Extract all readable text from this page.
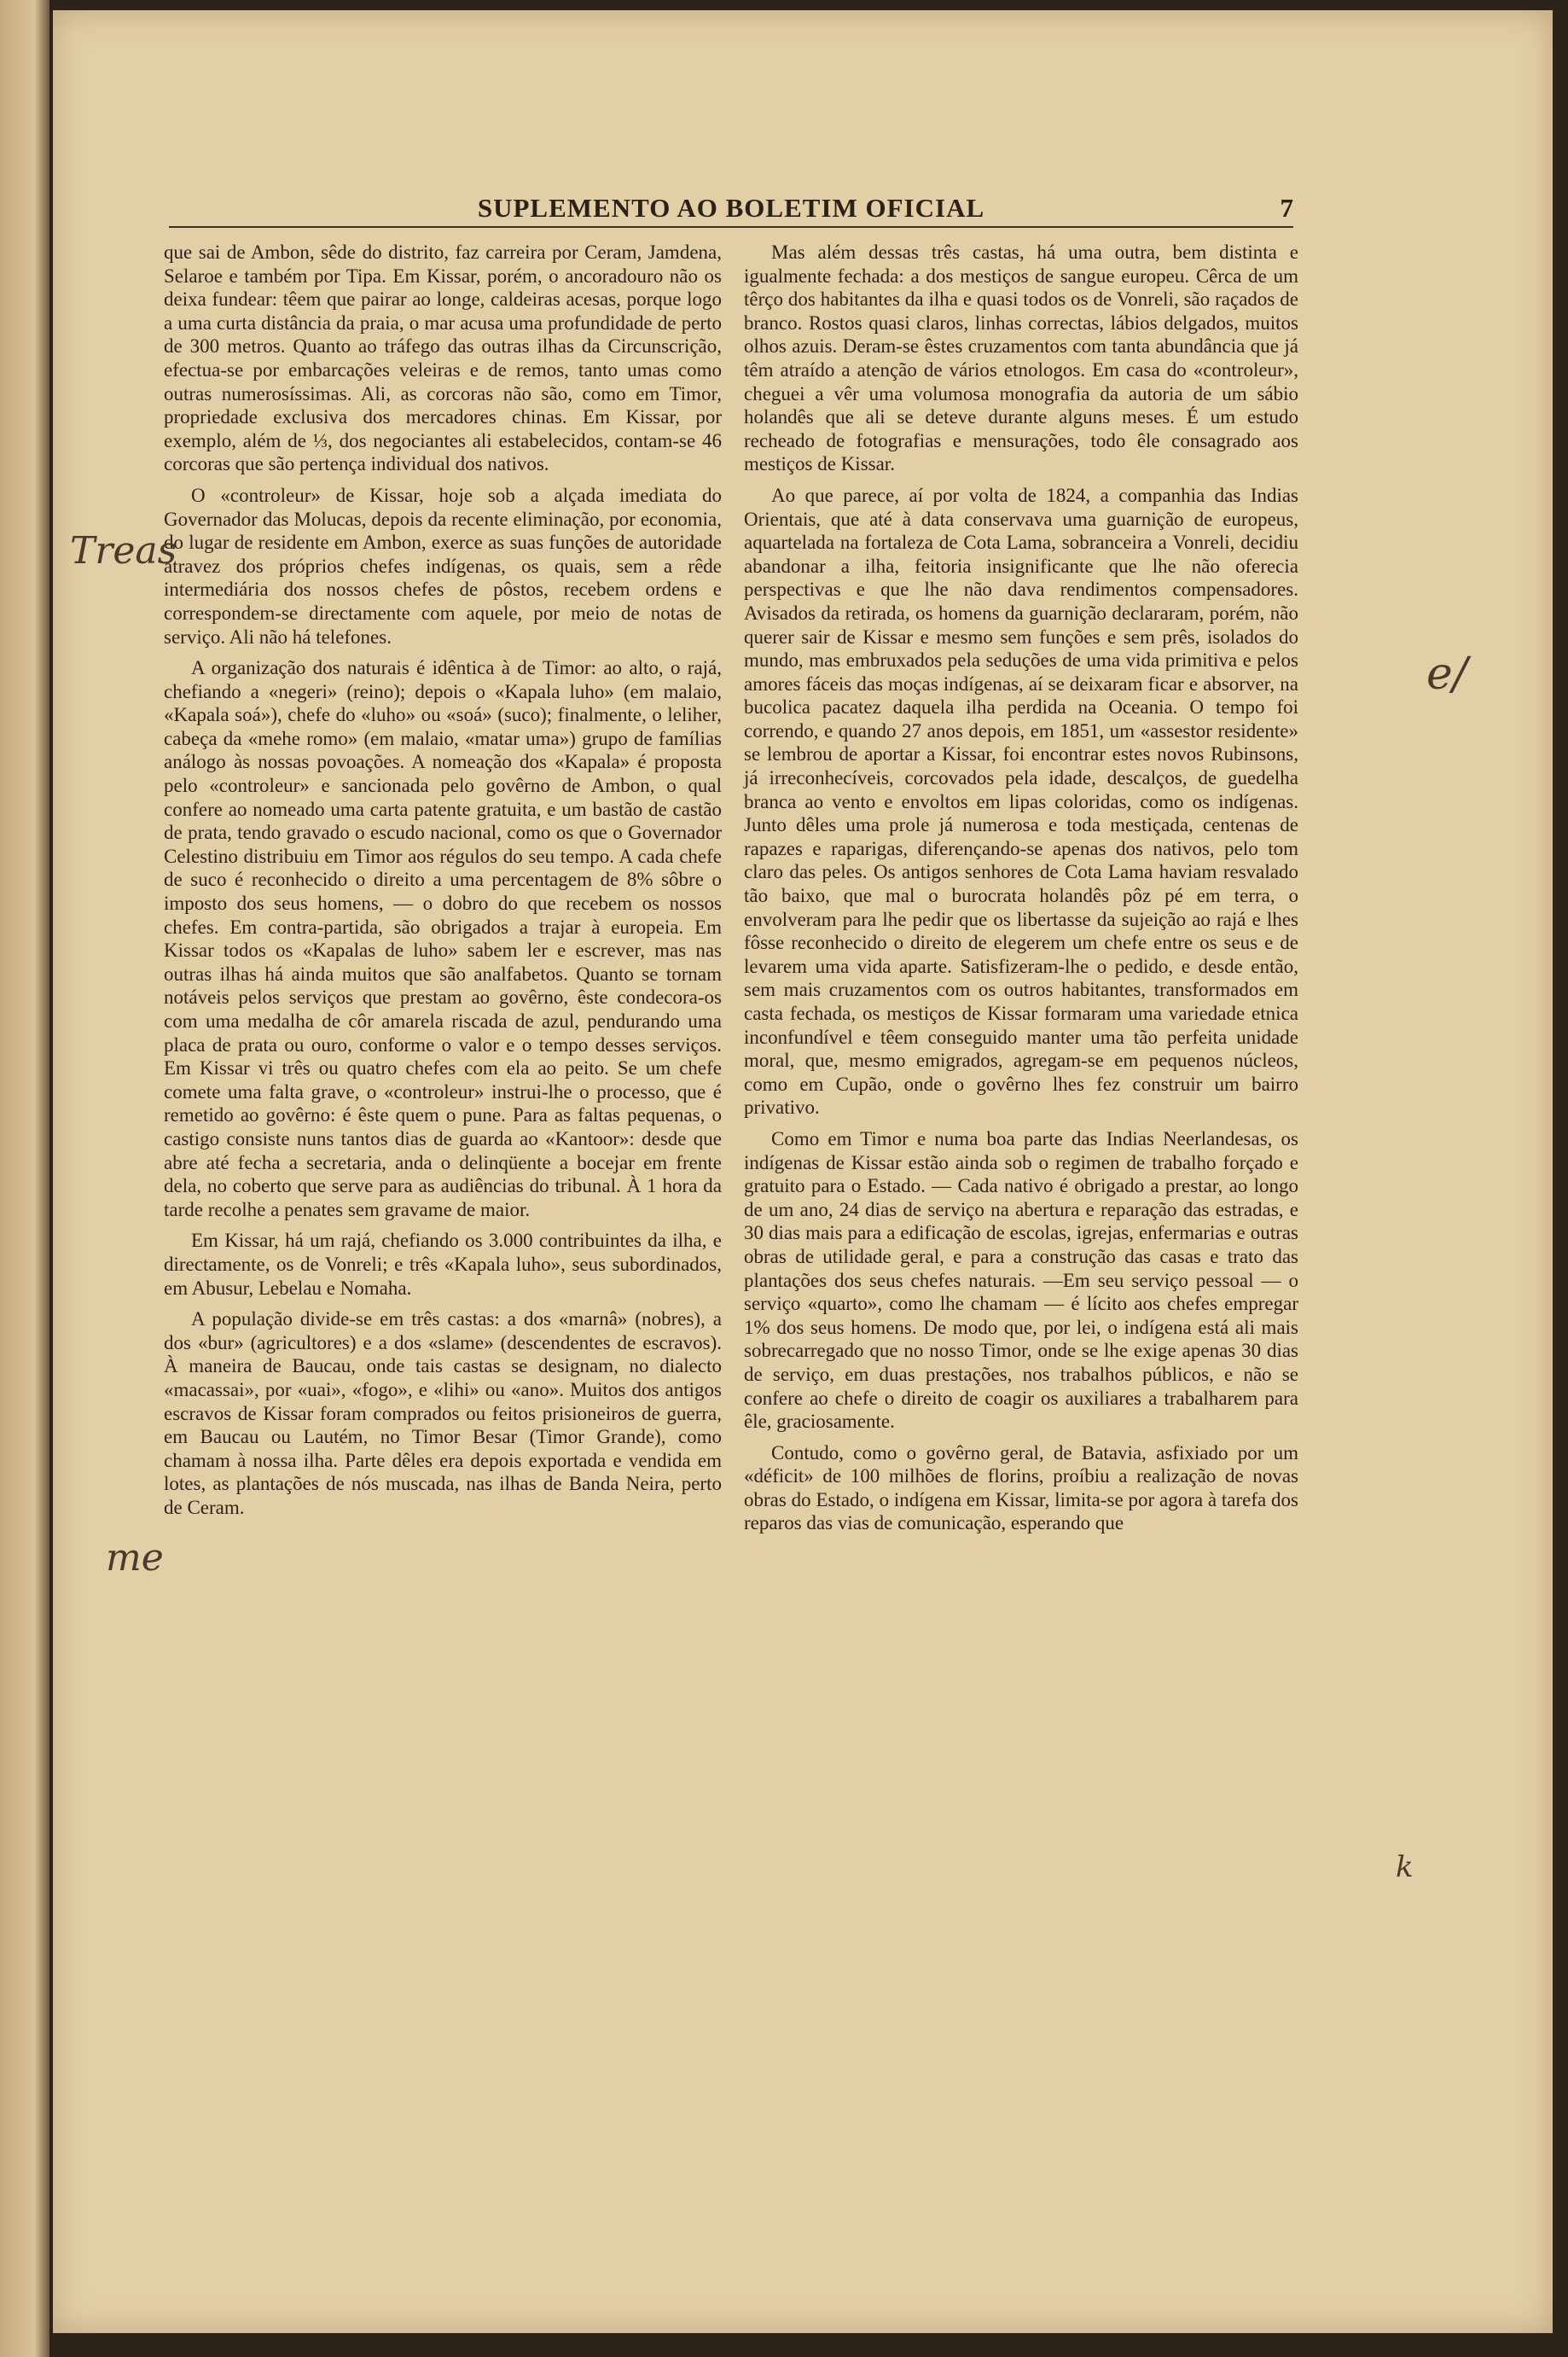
SUPLEMENTO AO BOLETIM OFICIAL	7

que sai de Ambon, sêde do distrito, faz carreira por Ceram, Jamdena, Selaroe e também por Tipa. Em Kissar, porém, o ancoradouro não os deixa fundear: têem que pairar ao longe, caldeiras acesas, porque logo a uma curta distância da praia, o mar acusa uma profundidade de perto de 300 metros. Quanto ao tráfego das outras ilhas da Circunscrição, efectua-se por embarcações veleiras e de remos, tanto umas como outras numerosíssimas. Ali, as corcoras não são, como em Timor, propriedade exclusiva dos mercadores chinas. Em Kissar, por exemplo, além de ⅓, dos negociantes ali estabelecidos, contam-se 46 corcoras que são pertença individual dos nativos.

O «controleur» de Kissar, hoje sob a alçada imediata do Governador das Molucas, depois da recente eliminação, por economia, do lugar de residente em Ambon, exerce as suas funções de autoridade atravez dos próprios chefes indígenas, os quais, sem a rêde intermediária dos nossos chefes de pôstos, recebem ordens e correspondem-se directamente com aquele, por meio de notas de serviço. Ali não há telefones.

A organização dos naturais é idêntica à de Timor: ao alto, o rajá, chefiando a «negeri» (reino); depois o «Kapala luho» (em malaio, «Kapala soá»), chefe do «luho» ou «soá» (suco); finalmente, o leliher, cabeça da «mehe romo» (em malaio, «matar uma») grupo de famílias análogo às nossas povoações. A nomeação dos «Kapala» é proposta pelo «controleur» e sancionada pelo govêrno de Ambon, o qual confere ao nomeado uma carta patente gratuita, e um bastão de castão de prata, tendo gravado o escudo nacional, como os que o Governador Celestino distribuiu em Timor aos régulos do seu tempo. A cada chefe de suco é reconhecido o direito a uma percentagem de 8% sôbre o imposto dos seus homens, — o dobro do que recebem os nossos chefes. Em contra-partida, são obrigados a trajar à europeia. Em Kissar todos os «Kapalas de luho» sabem ler e escrever, mas nas outras ilhas há ainda muitos que são analfabetos. Quanto se tornam notáveis pelos serviços que prestam ao govêrno, êste condecora-os com uma medalha de côr amarela riscada de azul, pendurando uma placa de prata ou ouro, conforme o valor e o tempo desses serviços. Em Kissar vi três ou quatro chefes com ela ao peito. Se um chefe comete uma falta grave, o «controleur» instrui-lhe o processo, que é remetido ao govêrno: é êste quem o pune. Para as faltas pequenas, o castigo consiste nuns tantos dias de guarda ao «Kantoor»: desde que abre até fecha a secretaria, anda o delinqüente a bocejar em frente dela, no coberto que serve para as audiências do tribunal. À 1 hora da tarde recolhe a penates sem gravame de maior.

Em Kissar, há um rajá, chefiando os 3.000 contribuintes da ilha, e directamente, os de Vonreli; e três «Kapala luho», seus subordinados, em Abusur, Lebelau e Nomaha.

A população divide-se em três castas: a dos «marnâ» (nobres), a dos «bur» (agricultores) e a dos «slame» (descendentes de escravos). À maneira de Baucau, onde tais castas se designam, no dialecto «macassai», por «uai», «fogo», e «lihi» ou «ano». Muitos dos antigos escravos de Kissar foram comprados ou feitos prisioneiros de guerra, em Baucau ou Lautém, no Timor Besar (Timor Grande), como chamam à nossa ilha. Parte dêles era depois exportada e vendida em lotes, as plantações de nós muscada, nas ilhas de Banda Neira, perto de Ceram.

Mas além dessas três castas, há uma outra, bem distinta e igualmente fechada: a dos mestiços de sangue europeu. Cêrca de um têrço dos habitantes da ilha e quasi todos os de Vonreli, são raçados de branco. Rostos quasi claros, linhas correctas, lábios delgados, muitos olhos azuis. Deram-se êstes cruzamentos com tanta abundância que já têm atraído a atenção de vários etnologos. Em casa do «controleur», cheguei a vêr uma volumosa monografia da autoria de um sábio holandês que ali se deteve durante alguns meses. É um estudo recheado de fotografias e mensurações, todo êle consagrado aos mestiços de Kissar.

Ao que parece, aí por volta de 1824, a companhia das Indias Orientais, que até à data conservava uma guarnição de europeus, aquartelada na fortaleza de Cota Lama, sobranceira a Vonreli, decidiu abandonar a ilha, feitoria insignificante que lhe não oferecia perspectivas e que lhe não dava rendimentos compensadores. Avisados da retirada, os homens da guarnição declararam, porém, não querer sair de Kissar e mesmo sem funções e sem prês, isolados do mundo, mas embruxados pela seduções de uma vida primitiva e pelos amores fáceis das moças indígenas, aí se deixaram ficar e absorver, na bucolica pacatez daquela ilha perdida na Oceania. O tempo foi correndo, e quando 27 anos depois, em 1851, um «assestor residente» se lembrou de aportar a Kissar, foi encontrar estes novos Rubinsons, já irreconhecíveis, corcovados pela idade, descalços, de guedelha branca ao vento e envoltos em lipas coloridas, como os indígenas. Junto dêles uma prole já numerosa e toda mestiçada, centenas de rapazes e raparigas, diferençando-se apenas dos nativos, pelo tom claro das peles. Os antigos senhores de Cota Lama haviam resvalado tão baixo, que mal o burocrata holandês pôz pé em terra, o envolveram para lhe pedir que os libertasse da sujeição ao rajá e lhes fôsse reconhecido o direito de elegerem um chefe entre os seus e de levarem uma vida aparte. Satisfizeram-lhe o pedido, e desde então, sem mais cruzamentos com os outros habitantes, transformados em casta fechada, os mestiços de Kissar formaram uma variedade etnica inconfundível e têem conseguido manter uma tão perfeita unidade moral, que, mesmo emigrados, agregam-se em pequenos núcleos, como em Cupão, onde o govêrno lhes fez construir um bairro privativo.

Como em Timor e numa boa parte das Indias Neerlandesas, os indígenas de Kissar estão ainda sob o regimen de trabalho forçado e gratuito para o Estado. — Cada nativo é obrigado a prestar, ao longo de um ano, 24 dias de serviço na abertura e reparação das estradas, e 30 dias mais para a edificação de escolas, igrejas, enfermarias e outras obras de utilidade geral, e para a construção das casas e trato das plantações dos seus chefes naturais. —Em seu serviço pessoal — o serviço «quarto», como lhe chamam — é lícito aos chefes empregar 1% dos seus homens. De modo que, por lei, o indígena está ali mais sobrecarregado que no nosso Timor, onde se lhe exige apenas 30 dias de serviço, em duas prestações, nos trabalhos públicos, e não se confere ao chefe o direito de coagir os auxiliares a trabalharem para êle, graciosamente.

Contudo, como o govêrno geral, de Batavia, asfixiado por um «déficit» de 100 milhões de florins, proíbiu a realização de novas obras do Estado, o indígena em Kissar, limita-se por agora à tarefa dos reparos das vias de comunicação, esperando que

Treas
me
e/
k
